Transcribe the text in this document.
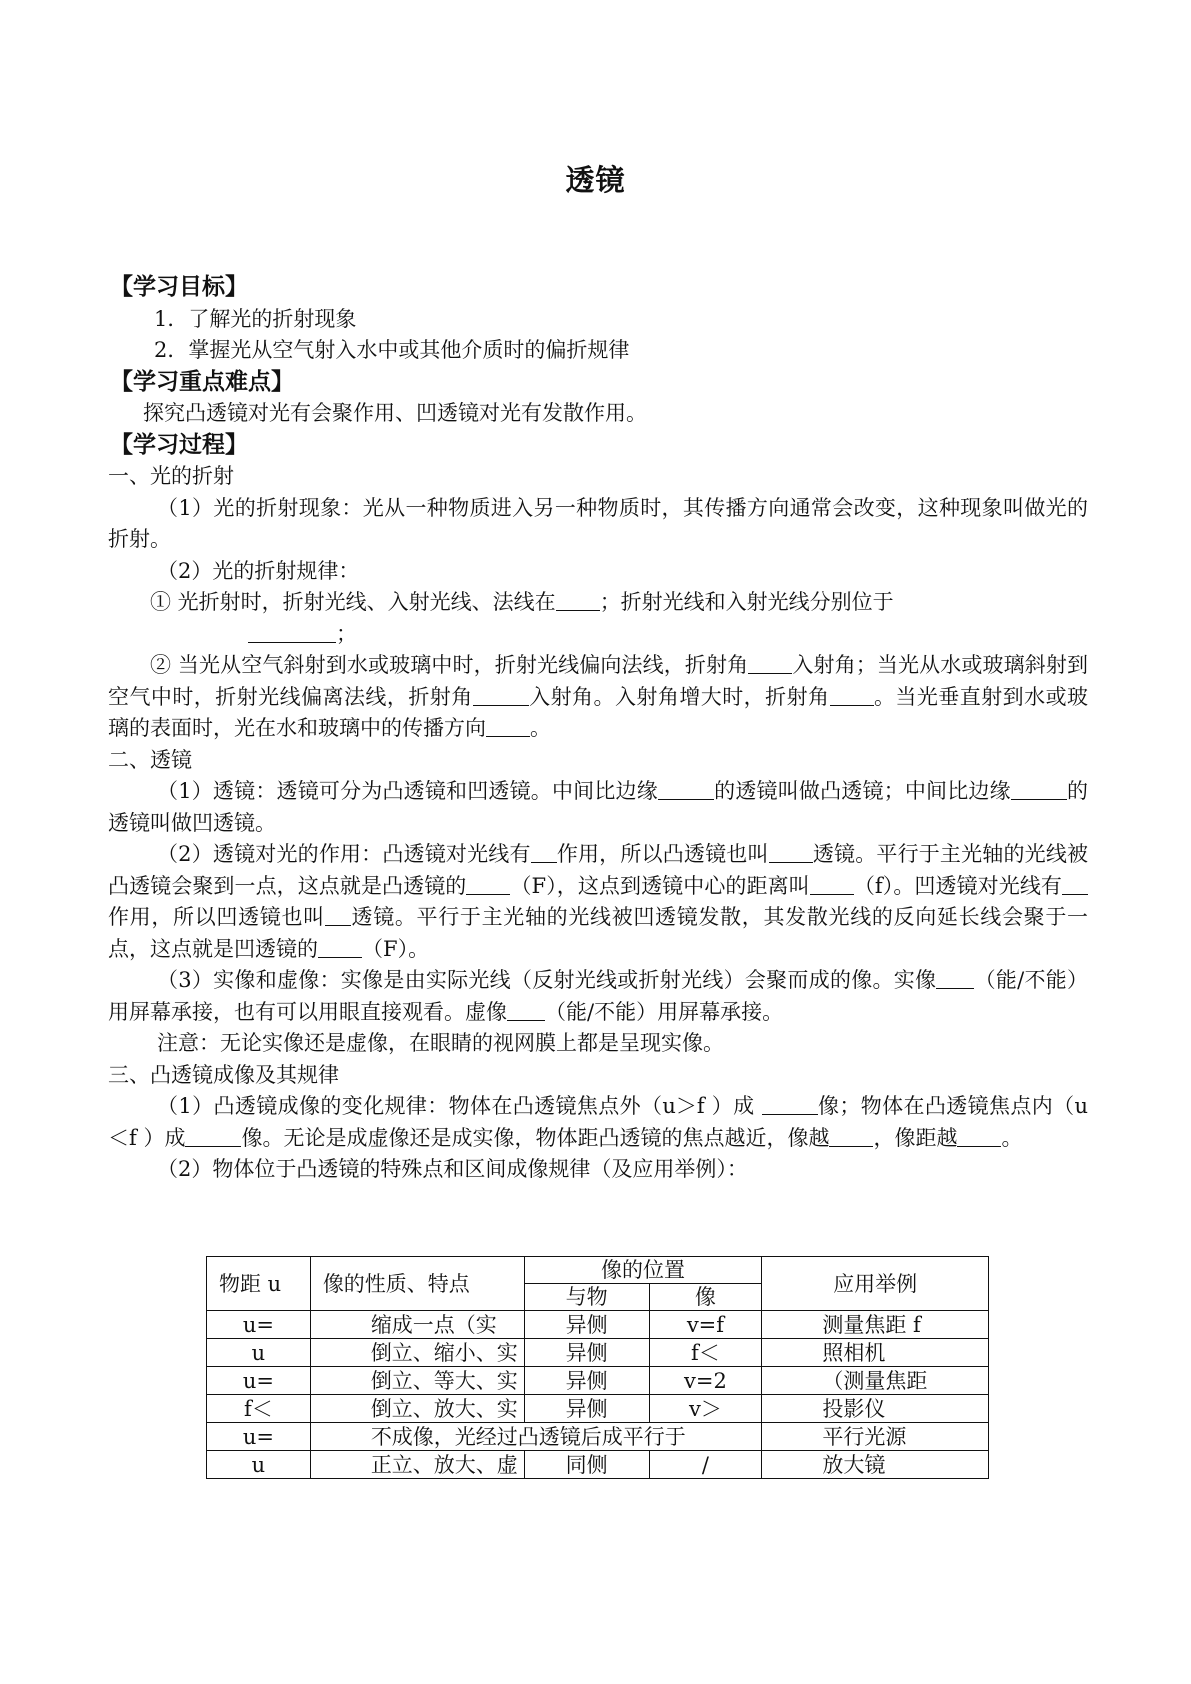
透镜
【学习目标】
1．了解光的折射现象
2．掌握光从空气射入水中或其他介质时的偏折规律
【学习重点难点】
探究凸透镜对光有会聚作用、凹透镜对光有发散作用。
【学习过程】
一、光的折射
（1）光的折射现象：光从一种物质进入另一种物质时，其传播方向通常会改变，这种现象叫做光的折射。
（2）光的折射规律：
① 光折射时，折射光线、入射光线、法线在 ；折射光线和入射光线分别位于
；
② 当光从空气斜射到水或玻璃中时，折射光线偏向法线，折射角 入射角；当光从水或玻璃斜射到空气中时，折射光线偏离法线，折射角	入射角。入射角增大时，折射角 。当光垂直射到水或玻璃的表面时，光在水和玻璃中的传播方向 。
二、透镜
（1）透镜：透镜可分为凸透镜和凹透镜。中间比边缘	的透镜叫做凸透镜；中间比边缘	的透镜叫做凹透镜。
（2）透镜对光的作用：凸透镜对光线有 作用，所以凸透镜也叫 透镜。平行于主光轴的光线被凸透镜会聚到一点，这点就是凸透镜的 （F），这点到透镜中心的距离叫 （f）。凹透镜对光线有作用，所以凹透镜也叫 透镜。平行于主光轴的光线被凹透镜发散，其发散光线的反向延长线会聚于一点，这点就是凹透镜的 （F）。
（3）实像和虚像：实像是由实际光线（反射光线或折射光线）会聚而成的像。实像 （能/不能）用屏幕承接，也有可以用眼直接观看。虚像 （能/不能）用屏幕承接。
注意：无论实像还是虚像，在眼睛的视网膜上都是呈现实像。
三、凸透镜成像及其规律
（1）凸透镜成像的变化规律：物体在凸透镜焦点外（u＞f ）成	像；物体在凸透镜焦点内（u＜f ）成	像。无论是成虚像还是成实像，物体距凸透镜的焦点越近，像越 ，像距越 。
（2）物体位于凸透镜的特殊点和区间成像规律（及应用举例）：
物距 u	像的性质、特点	像的位置		应用举例
		与物	像	
u=	缩成一点（实	异侧	v=f	测量焦距 f
u	倒立、缩小、实	异侧	f＜	照相机
u=	倒立、等大、实	异侧	v=2	（测量焦距
f＜	倒立、放大、实	异侧	v＞	投影仪
u=	不成像，光经过凸透镜后成平行于			平行光源
u	正立、放大、虚	同侧	/	放大镜
